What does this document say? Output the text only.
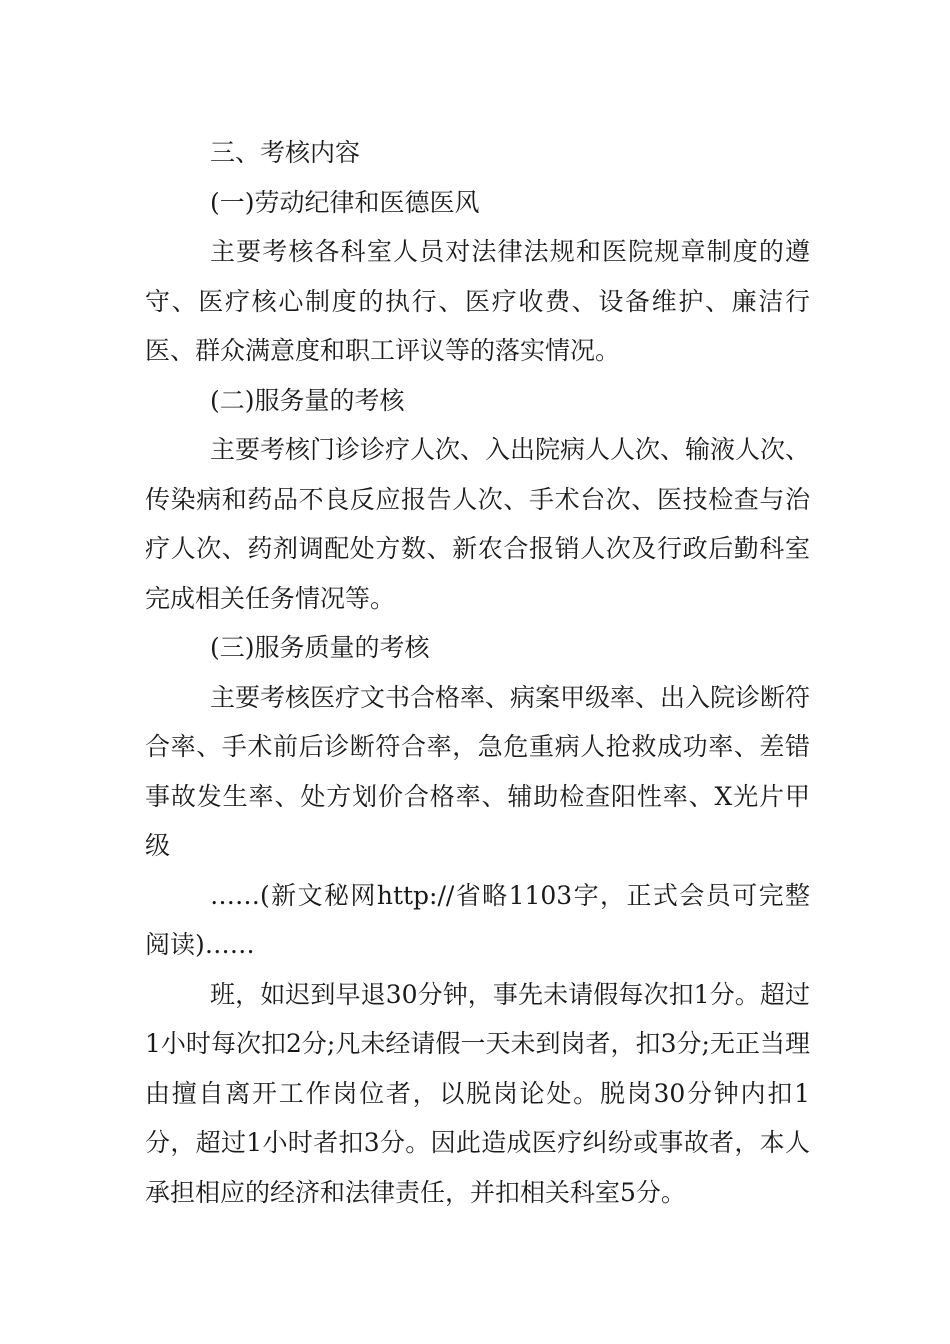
三、考核内容

(一)劳动纪律和医德医风

主要考核各科室人员对法律法规和医院规章制度的遵守、医疗核心制度的执行、医疗收费、设备维护、廉洁行医、群众满意度和职工评议等的落实情况。

(二)服务量的考核

主要考核门诊诊疗人次、入出院病人人次、输液人次、传染病和药品不良反应报告人次、手术台次、医技检查与治疗人次、药剂调配处方数、新农合报销人次及行政后勤科室完成相关任务情况等。

(三)服务质量的考核

主要考核医疗文书合格率、病案甲级率、出入院诊断符合率、手术前后诊断符合率，急危重病人抢救成功率、差错事故发生率、处方划价合格率、辅助检查阳性率、X光片甲级

……(新文秘网http://省略1103字，正式会员可完整阅读)……

班，如迟到早退30分钟，事先未请假每次扣1分。超过1小时每次扣2分;凡未经请假一天未到岗者，扣3分;无正当理由擅自离开工作岗位者，以脱岗论处。脱岗30分钟内扣1分，超过1小时者扣3分。因此造成医疗纠纷或事故者，本人承担相应的经济和法律责任，并扣相关科室5分。
